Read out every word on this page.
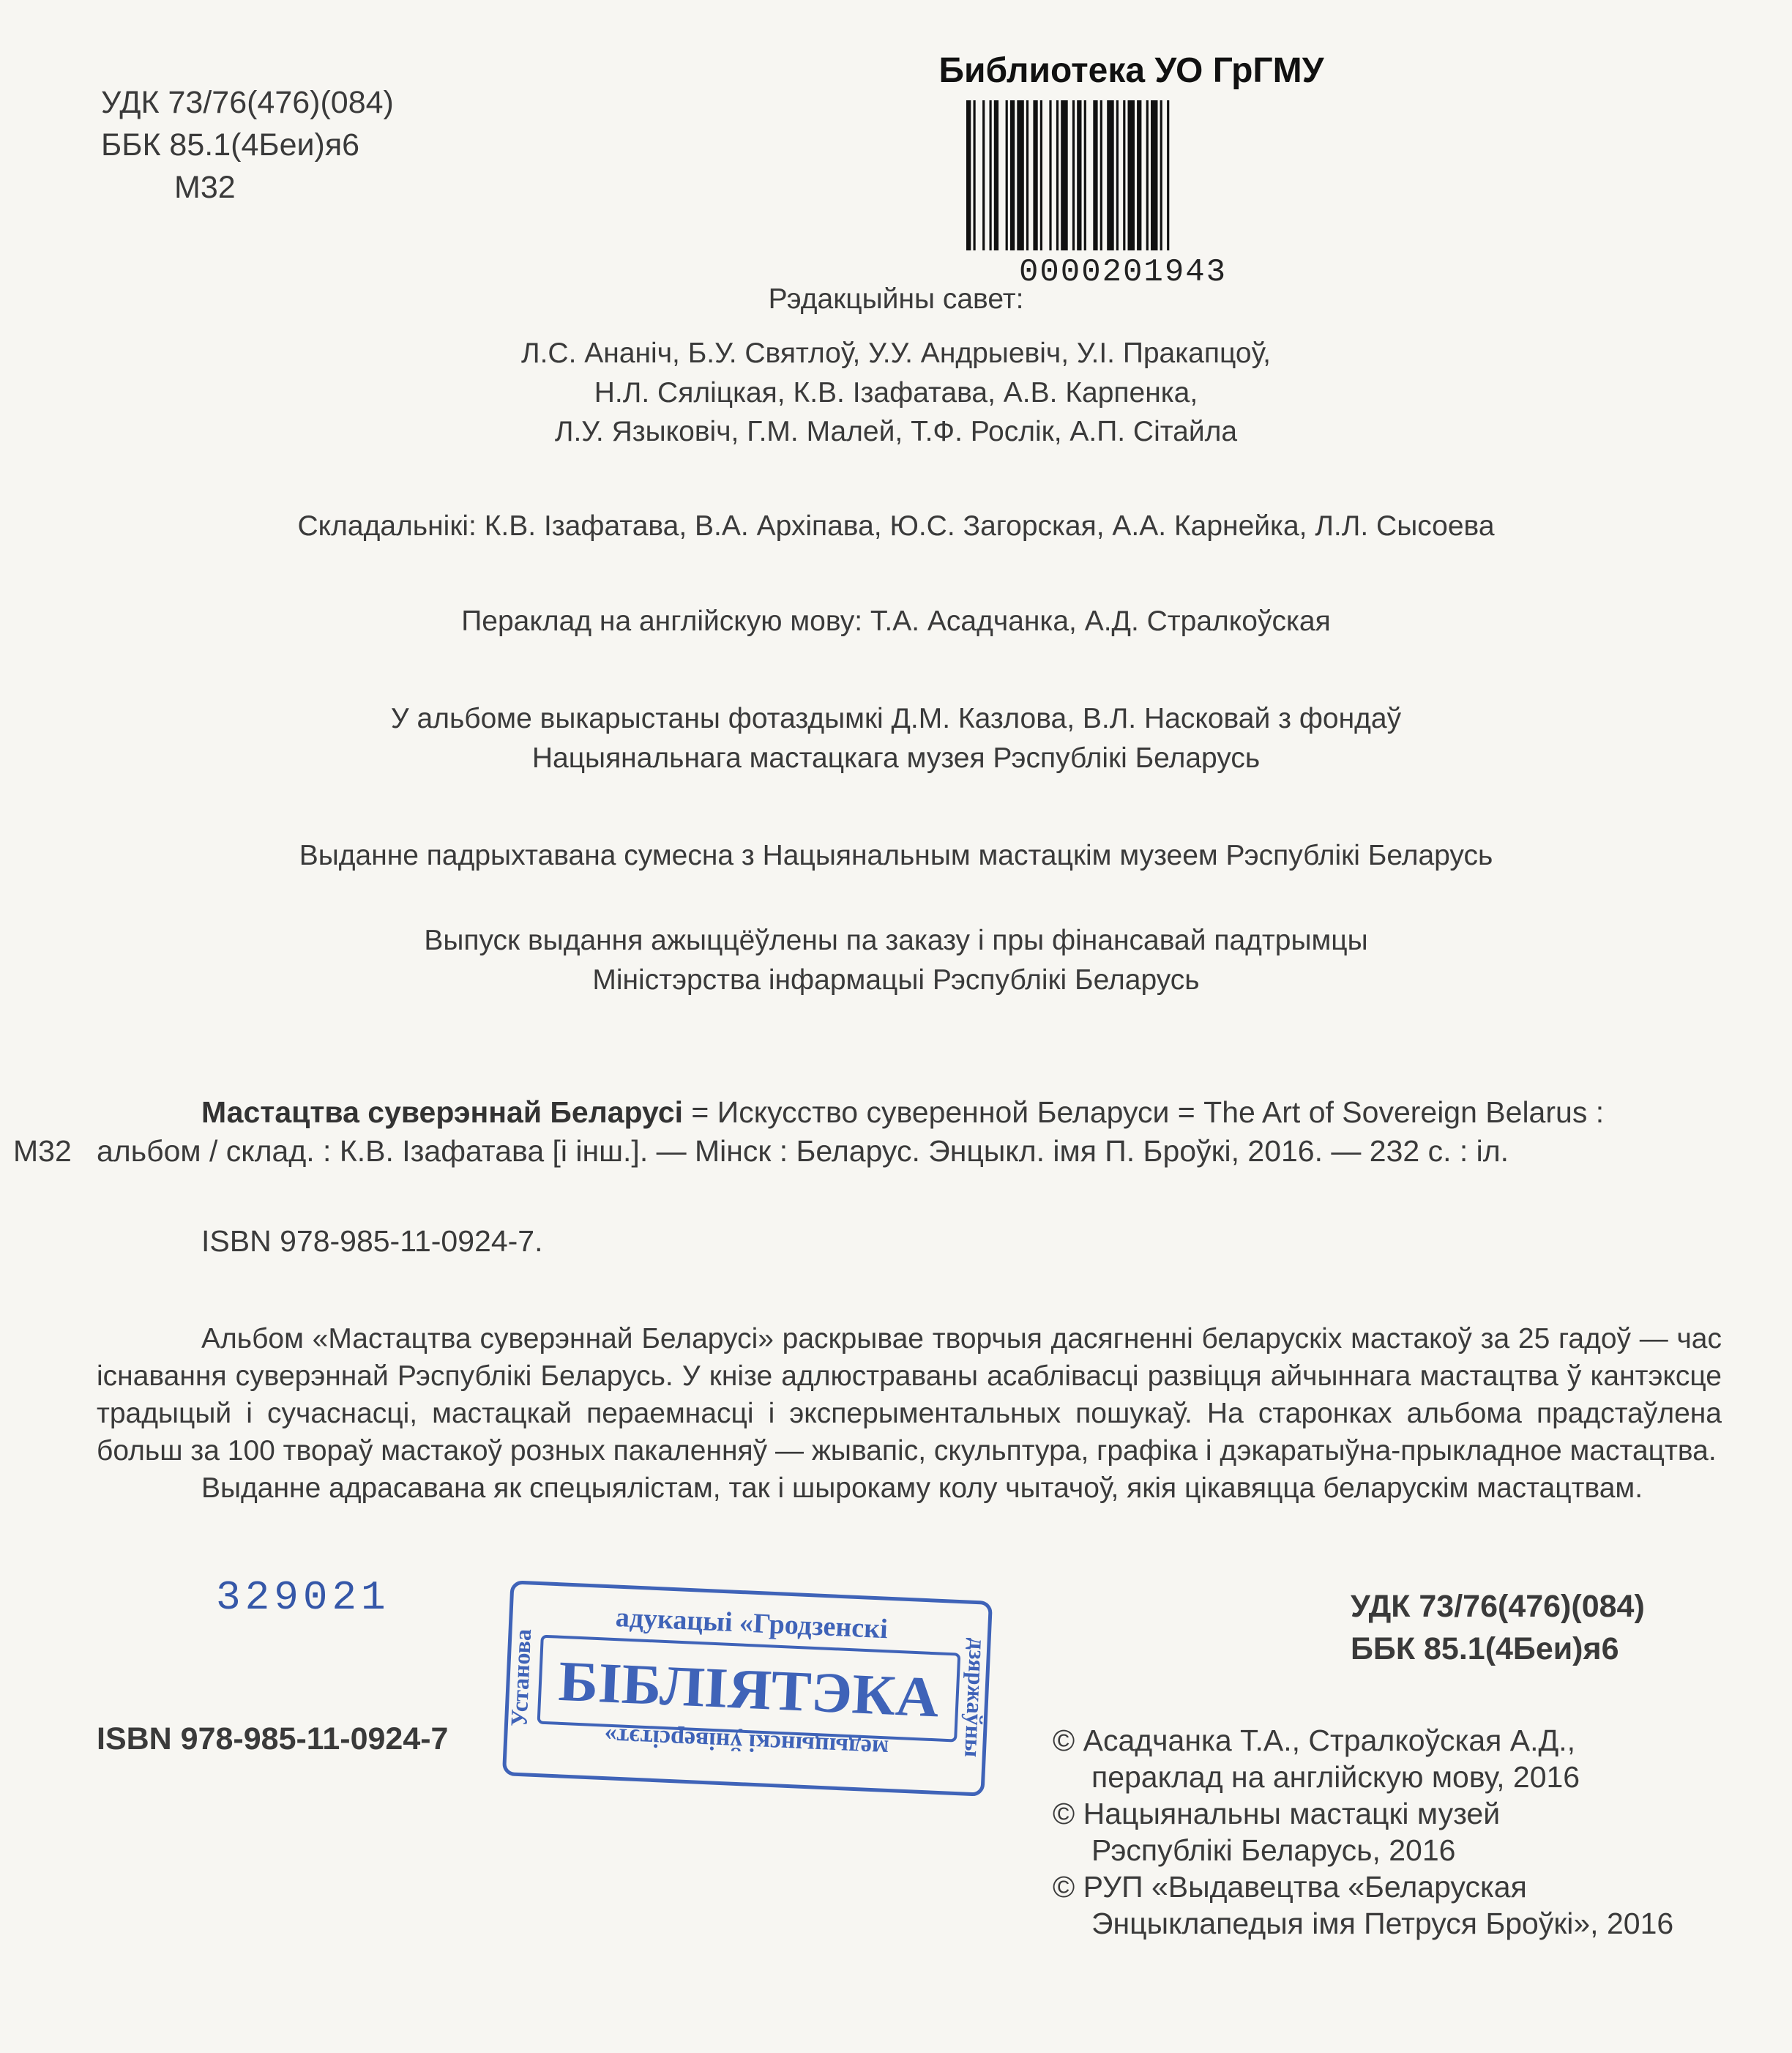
УДК 73/76(476)(084)
ББК 85.1(4Беи)я6
М32
Библиотека УО ГрГМУ
0000201943
Рэдакцыйны савет:
Л.С. Ананіч, Б.У. Святлоў, У.У. Андрыевіч, У.І. Пракапцоў,
Н.Л. Сяліцкая, К.В. Ізафатава, А.В. Карпенка,
Л.У. Языковіч, Г.М. Малей, Т.Ф. Рослік, А.П. Сітайла
Складальнікі: К.В. Ізафатава, В.А. Архіпава, Ю.С. Загорская, А.А. Карнейка, Л.Л. Сысоева
Пераклад на англійскую мову: Т.А. Асадчанка, А.Д. Стралкоўская
У альбоме выкарыстаны фотаздымкі Д.М. Казлова, В.Л. Насковай з фондаў
Нацыянальнага мастацкага музея Рэспублікі Беларусь
Выданне падрыхтавана сумесна з Нацыянальным мастацкім музеем Рэспублікі Беларусь
Выпуск выдання ажыццёўлены па заказу і пры фінансавай падтрымцы
Міністэрства інфармацыі Рэспублікі Беларусь
Мастацтва суверэннай Беларусі = Искусство суверенной Беларуси = The Art of Sovereign Belarus :
М32 альбом / склад. : К.В. Ізафатава [і інш.]. — Мінск : Беларус. Энцыкл. імя П. Броўкі, 2016. — 232 с. : іл.
ISBN 978-985-11-0924-7.

Альбом «Мастацтва суверэннай Беларусі» раскрывае творчыя дасягненні беларускіх мастакоў за 25 гадоў — час існавання суверэннай Рэспублікі Беларусь. У кнізе адлюстраваны асаблівасці развіцця айчыннага мастацтва ў кантэксце традыцый і сучаснасці, мастацкай пераемнасці і эксперыментальных пошукаў. На старонках альбома прадстаўлена больш за 100 твораў мастакоў розных пакаленняў — жывапіс, скульптура, графіка і дэкаратыўна-прыкладное мастацтва.

Выданне адрасавана як спецыялістам, так і шырокаму колу чытачоў, якія цікавяцца беларускім мастацтвам.

329021
БІБЛІЯТЭКА
адукацыі «Гродзенскі
медыцынскі ўніверсітэт»
Установа	дзяржаўны
УДК 73/76(476)(084)
ББК 85.1(4Беи)я6
ISBN 978-985-11-0924-7	© Асадчанка Т.А., Стралкоўская А.Д.,
пераклад на англійскую мову, 2016
© Нацыянальны мастацкі музей
Рэспублікі Беларусь, 2016
© РУП «Выдавецтва «Беларуская
Энцыклапедыя імя Петруся Броўкі», 2016
